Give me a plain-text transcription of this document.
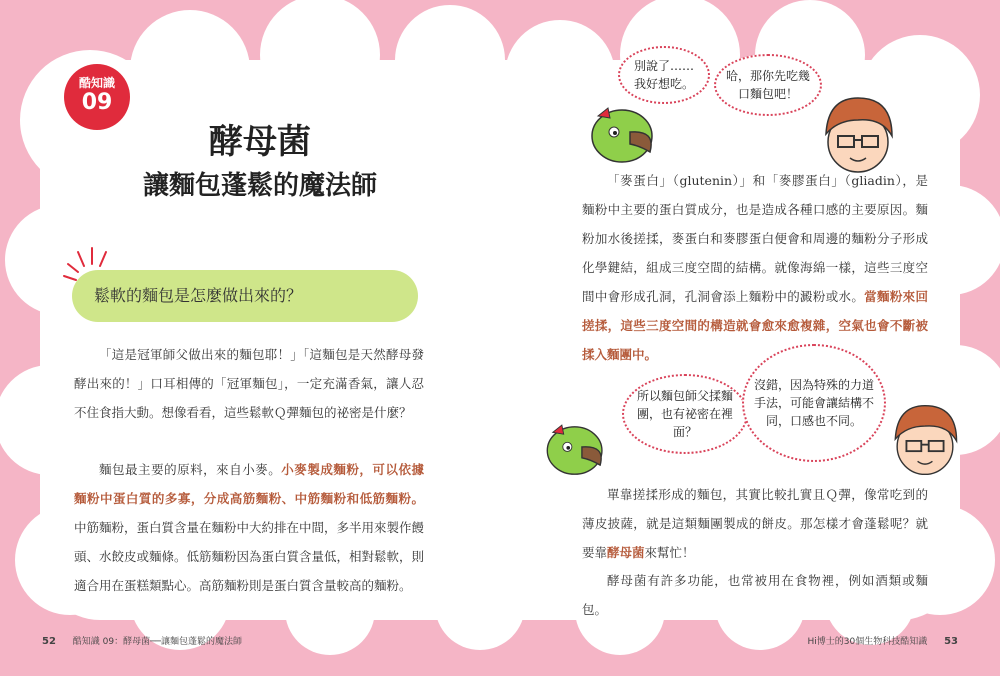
酷知識
09
酵母菌
讓麵包蓬鬆的魔法師
鬆軟的麵包是怎麼做出來的？

「這是冠軍師父做出來的麵包耶！」「這麵包是天然酵母發酵出來的！」口耳相傳的「冠軍麵包」，一定充滿香氣，讓人忍不住食指大動。想像看看，這些鬆軟Ｑ彈麵包的祕密是什麼？

麵包最主要的原料，來自小麥。小麥製成麵粉，可以依據麵粉中蛋白質的多寡，分成高筋麵粉、中筋麵粉和低筋麵粉。中筋麵粉，蛋白質含量在麵粉中大約排在中間，多半用來製作饅頭、水餃皮或麵條。低筋麵粉因為蛋白質含量低，相對鬆軟，則適合用在蛋糕類點心。高筋麵粉則是蛋白質含量較高的麵粉。

別說了……我好想吃。
哈，那你先吃幾口麵包吧！
所以麵包師父揉麵團，也有祕密在裡面？
沒錯，因為特殊的力道手法，可能會讓結構不同，口感也不同。

「麥蛋白」（glutenin）」和「麥膠蛋白」（gliadin），是麵粉中主要的蛋白質成分，也是造成各種口感的主要原因。麵粉加水後搓揉，麥蛋白和麥膠蛋白便會和周邊的麵粉分子形成化學鍵結，組成三度空間的結構。就像海綿一樣，這些三度空間中會形成孔洞，孔洞會添上麵粉中的澱粉或水。當麵粉來回搓揉，這些三度空間的構造就會愈來愈複雜，空氣也會不斷被揉入麵團中。

單靠搓揉形成的麵包，其實比較扎實且Ｑ彈，像常吃到的薄皮披薩，就是這類麵團製成的餅皮。那怎樣才會蓬鬆呢？就要靠酵母菌來幫忙！

酵母菌有許多功能，也常被用在食物裡，例如酒類或麵包。

52 酷知識 09：酵母菌──讓麵包蓬鬆的魔法師	Hi博士的30個生物科技酷知識 53
